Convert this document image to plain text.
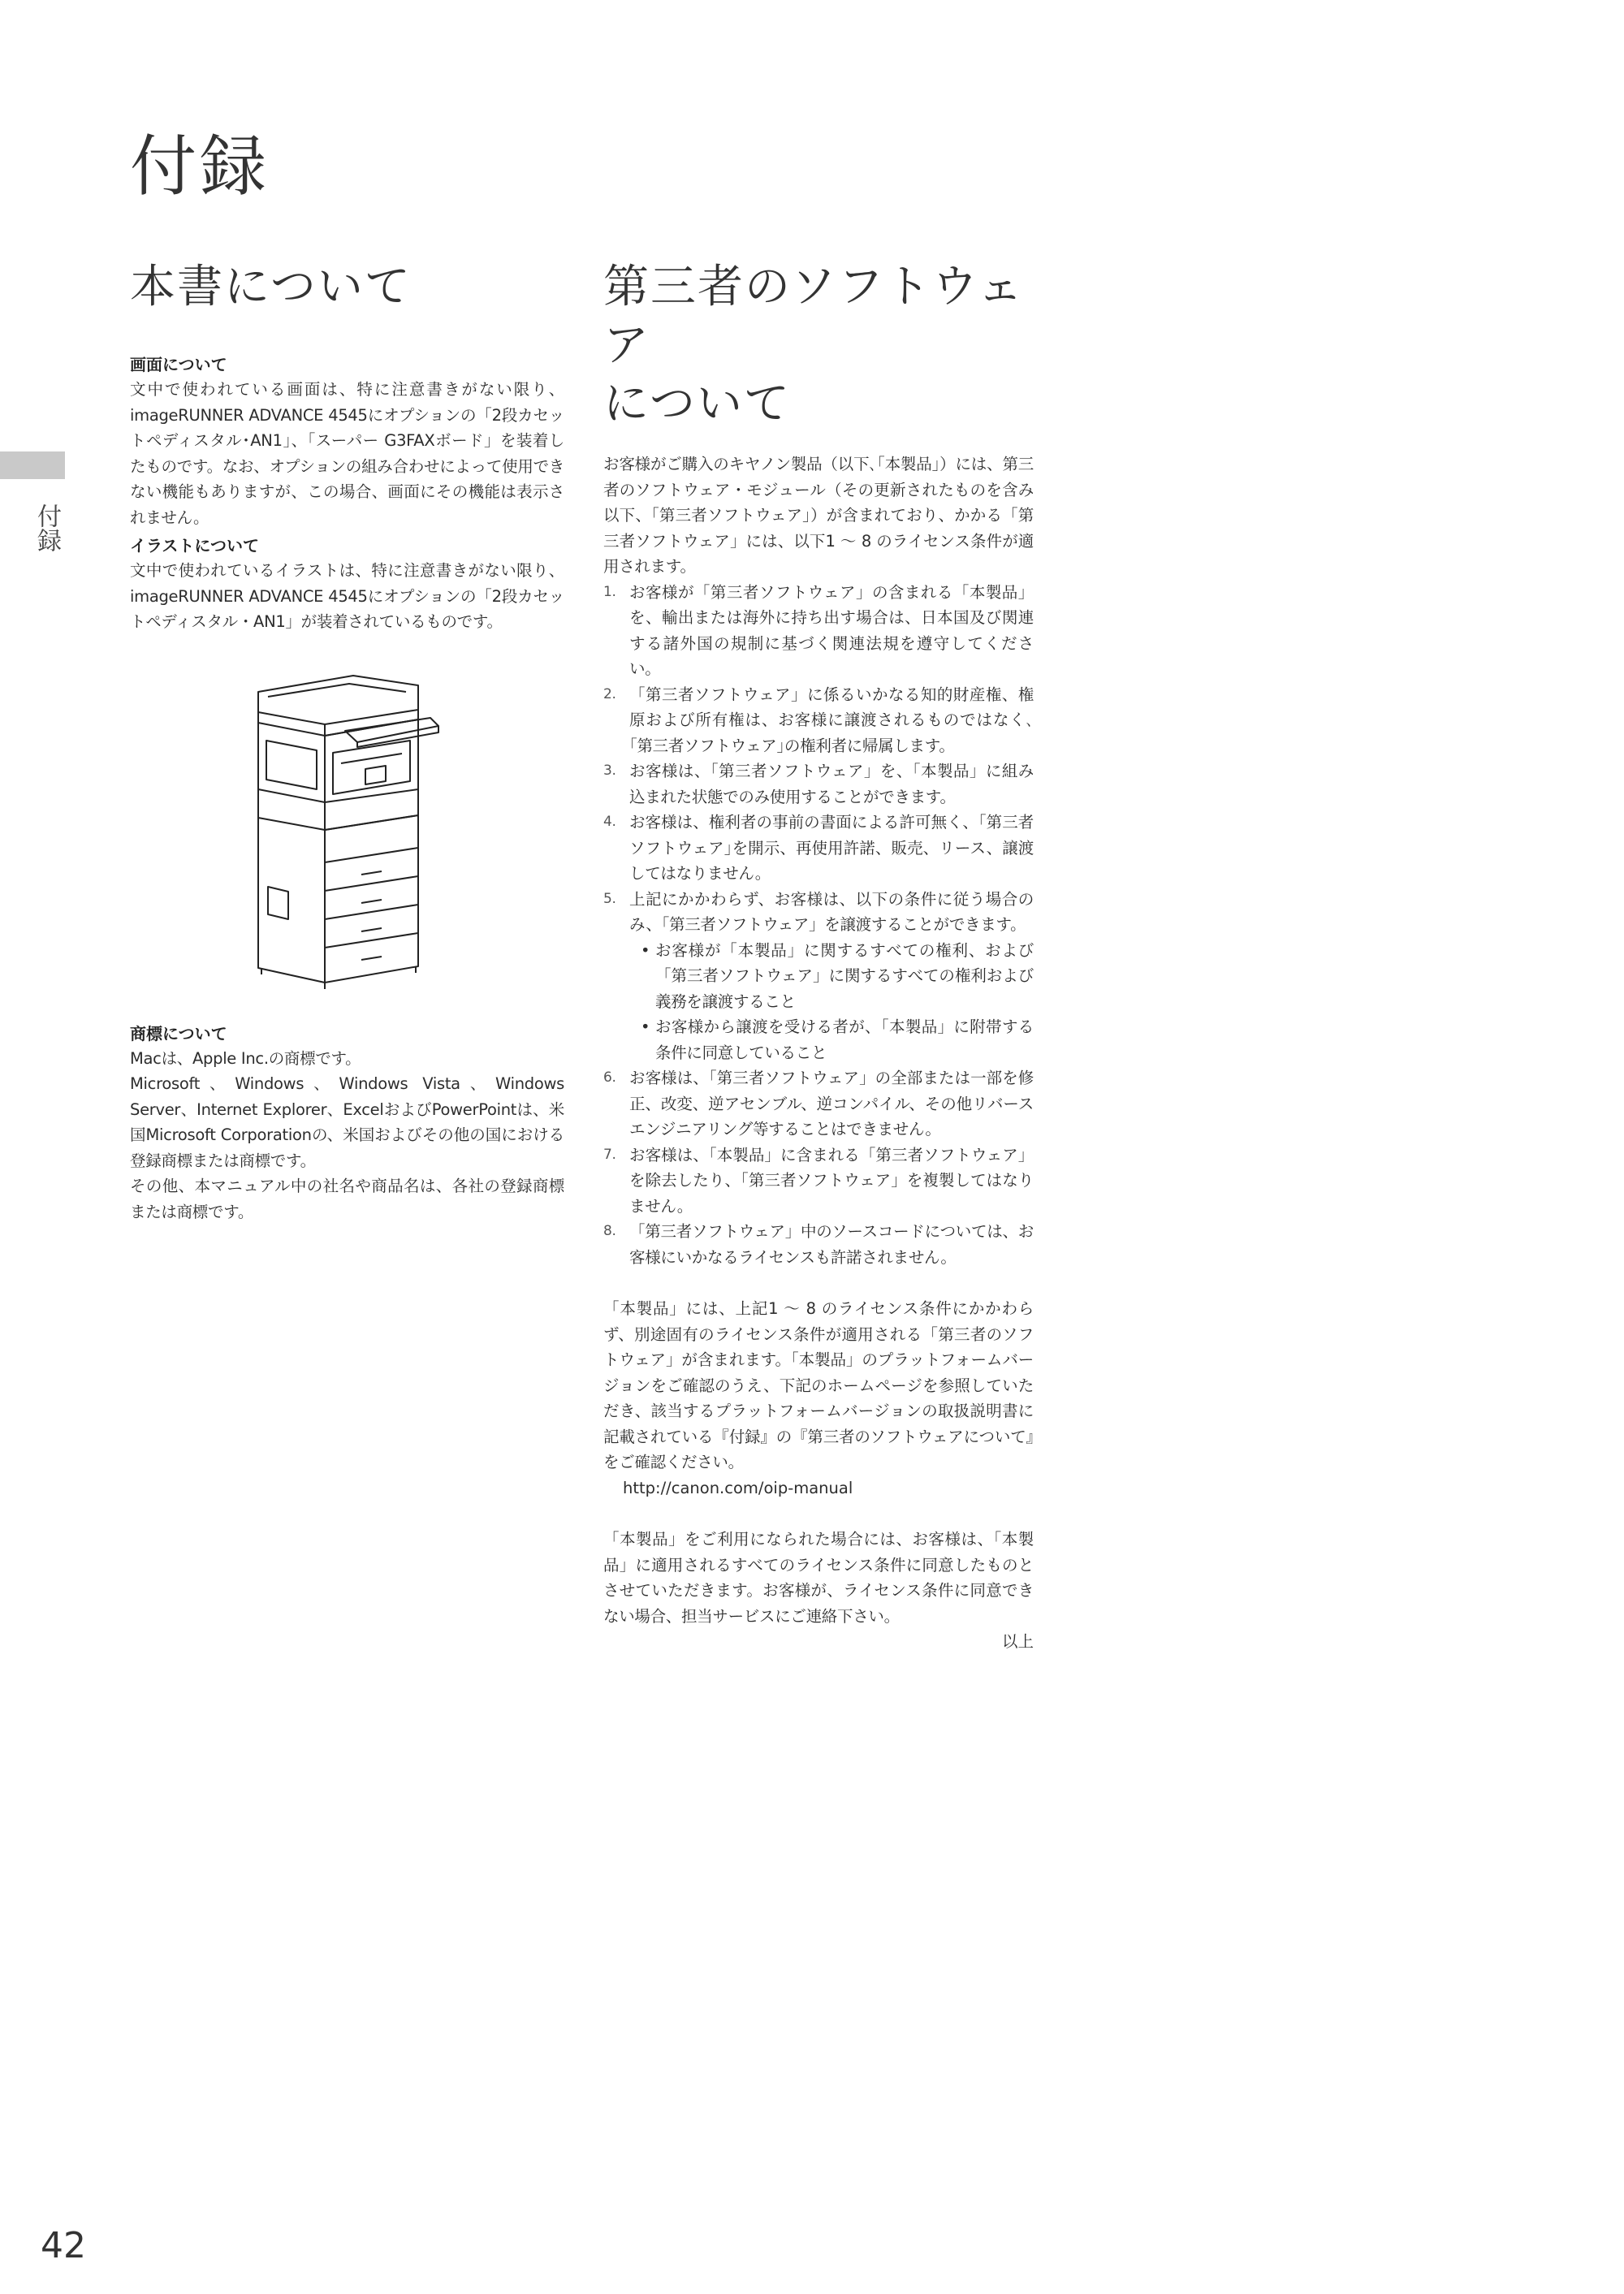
付録
付録
本書について
画面について

文中で使われている画面は、特に注意書きがない限り、imageRUNNER ADVANCE 4545にオプションの「2段カセットペディスタル･AN1」、「スーパー G3FAXボード」を装着したものです。なお、オプションの組み合わせによって使用できない機能もありますが、この場合、画面にその機能は表示されません。

イラストについて

文中で使われているイラストは、特に注意書きがない限り、imageRUNNER ADVANCE 4545にオプションの「2段カセットペディスタル・AN1」が装着されているものです。

商標について

Macは、Apple Inc.の商標です。

Microsoft、Windows、Windows Vista、Windows Server、Internet Explorer、ExcelおよびPowerPointは、米国Microsoft Corporationの、米国およびその他の国における登録商標または商標です。

その他、本マニュアル中の社名や商品名は、各社の登録商標または商標です。

第三者のソフトウェア
について

お客様がご購入のキヤノン製品（以下､｢本製品｣）には、第三者のソフトウェア・モジュール（その更新されたものを含み以下、｢第三者ソフトウェア｣）が含まれており、かかる「第三者ソフトウェア」には、以下1 ～ 8 のライセンス条件が適用されます。

1. お客様が「第三者ソフトウェア」の含まれる「本製品」を、輸出または海外に持ち出す場合は、日本国及び関連する諸外国の規制に基づく関連法規を遵守してください。
2. 「第三者ソフトウェア」に係るいかなる知的財産権、権原および所有権は、お客様に譲渡されるものではなく､｢第三者ソフトウェア｣の権利者に帰属します。
3. お客様は、「第三者ソフトウェア」を、「本製品」に組み込まれた状態でのみ使用することができます。
4. お客様は、権利者の事前の書面による許可無く、｢第三者ソフトウェア｣を開示、再使用許諾、販売、リース、譲渡してはなりません。
5. 上記にかかわらず、お客様は、以下の条件に従う場合のみ、「第三者ソフトウェア」を譲渡することができます。
• お客様が「本製品」に関するすべての権利、および「第三者ソフトウェア」に関するすべての権利および義務を譲渡すること
• お客様から譲渡を受ける者が、「本製品」に附帯する条件に同意していること
6. お客様は、「第三者ソフトウェア」の全部または一部を修正、改変、逆アセンブル、逆コンパイル、その他リバースエンジニアリング等することはできません。
7. お客様は、「本製品」に含まれる「第三者ソフトウェア」を除去したり、「第三者ソフトウェア」を複製してはなりません。
8. 「第三者ソフトウェア」中のソースコードについては、お客様にいかなるライセンスも許諾されません。

「本製品」には、上記1 ～ 8 のライセンス条件にかかわらず、別途固有のライセンス条件が適用される「第三者のソフトウェア」が含まれます。「本製品」のプラットフォームバージョンをご確認のうえ、下記のホームページを参照していただき、該当するプラットフォームバージョンの取扱説明書に記載されている『付録』の『第三者のソフトウェアについて』をご確認ください。

http://canon.com/oip-manual

「本製品」をご利用になられた場合には、お客様は、「本製品」に適用されるすべてのライセンス条件に同意したものとさせていただきます。お客様が、ライセンス条件に同意できない場合、担当サービスにご連絡下さい。

以上
42
